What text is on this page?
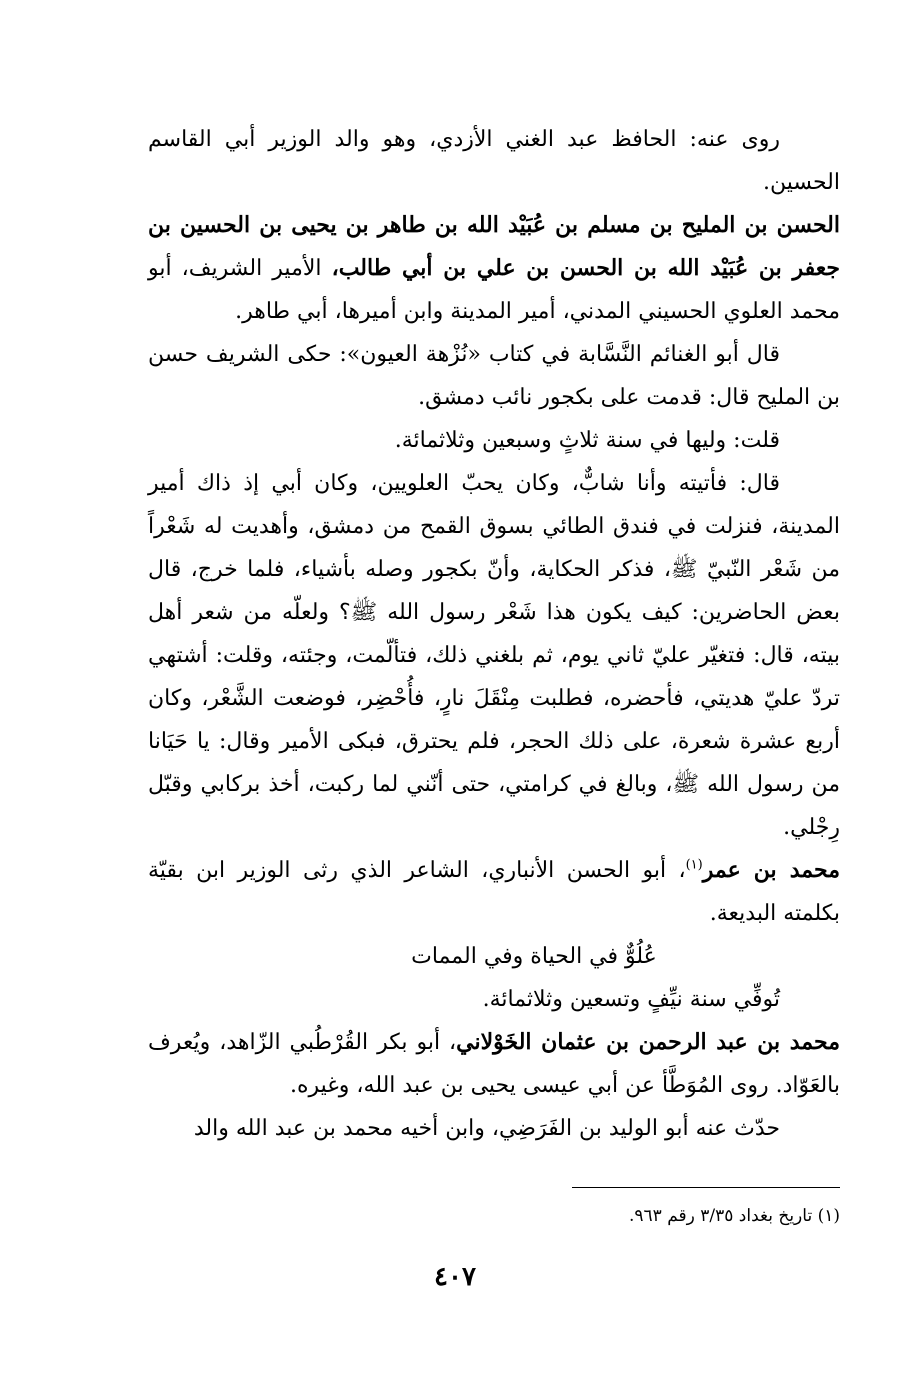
روى عنه: الحافظ عبد الغني الأزدي، وهو والد الوزير أبي القاسم الحسين.

الحسن بن المليح بن مسلم بن عُبَيْد الله بن طاهر بن يحيى بن الحسين بن جعفر بن عُبَيْد الله بن الحسن بن علي بن أبي طالب، الأمير الشريف، أبو محمد العلوي الحسيني المدني، أمير المدينة وابن أميرها، أبي طاهر.

قال أبو الغنائم النَّسَّابة في كتاب «نُزْهة العيون»: حكى الشريف حسن بن المليح قال: قدمت على بكجور نائب دمشق.

قلت: وليها في سنة ثلاثٍ وسبعين وثلاثمائة.

قال: فأتيته وأنا شابٌّ، وكان يحبّ العلويين، وكان أبي إذ ذاك أمير المدينة، فنزلت في فندق الطائي بسوق القمح من دمشق، وأهديت له شَعْراً من شَعْر النّبيّ ﷺ، فذكر الحكاية، وأنّ بكجور وصله بأشياء، فلما خرج، قال بعض الحاضرين: كيف يكون هذا شَعْر رسول الله ﷺ؟ ولعلّه من شعر أهل بيته، قال: فتغيّر عليّ ثاني يوم، ثم بلغني ذلك، فتألّمت، وجئته، وقلت: أشتهي تردّ عليّ هديتي، فأحضره، فطلبت مِنْقَلَ نارٍ، فأُحْضِر، فوضعت الشَّعْر، وكان أربع عشرة شعرة، على ذلك الحجر، فلم يحترق، فبكى الأمير وقال: يا حَيَانا من رسول الله ﷺ، وبالغ في كرامتي، حتى أنّني لما ركبت، أخذ بركابي وقبّل رِجْلي.

محمد بن عمر$^{(١)}$، أبو الحسن الأنباري، الشاعر الذي رثى الوزير ابن بقيّة بكلمته البديعة.

عُلُوٌّ في الحياة وفي الممات

تُوفِّي سنة نيِّفٍ وتسعين وثلاثمائة.

محمد بن عبد الرحمن بن عثمان الخَوْلاني، أبو بكر القُرْطُبي الزّاهد، ويُعرف بالعَوّاد. روى المُوَطَّأ عن أبي عيسى يحيى بن عبد الله، وغيره.

حدّث عنه أبو الوليد بن الفَرَضِي، وابن أخيه محمد بن عبد الله والد

(١) تاريخ بغداد ٣/٣٥ رقم ٩٦٣.
٤٠٧
